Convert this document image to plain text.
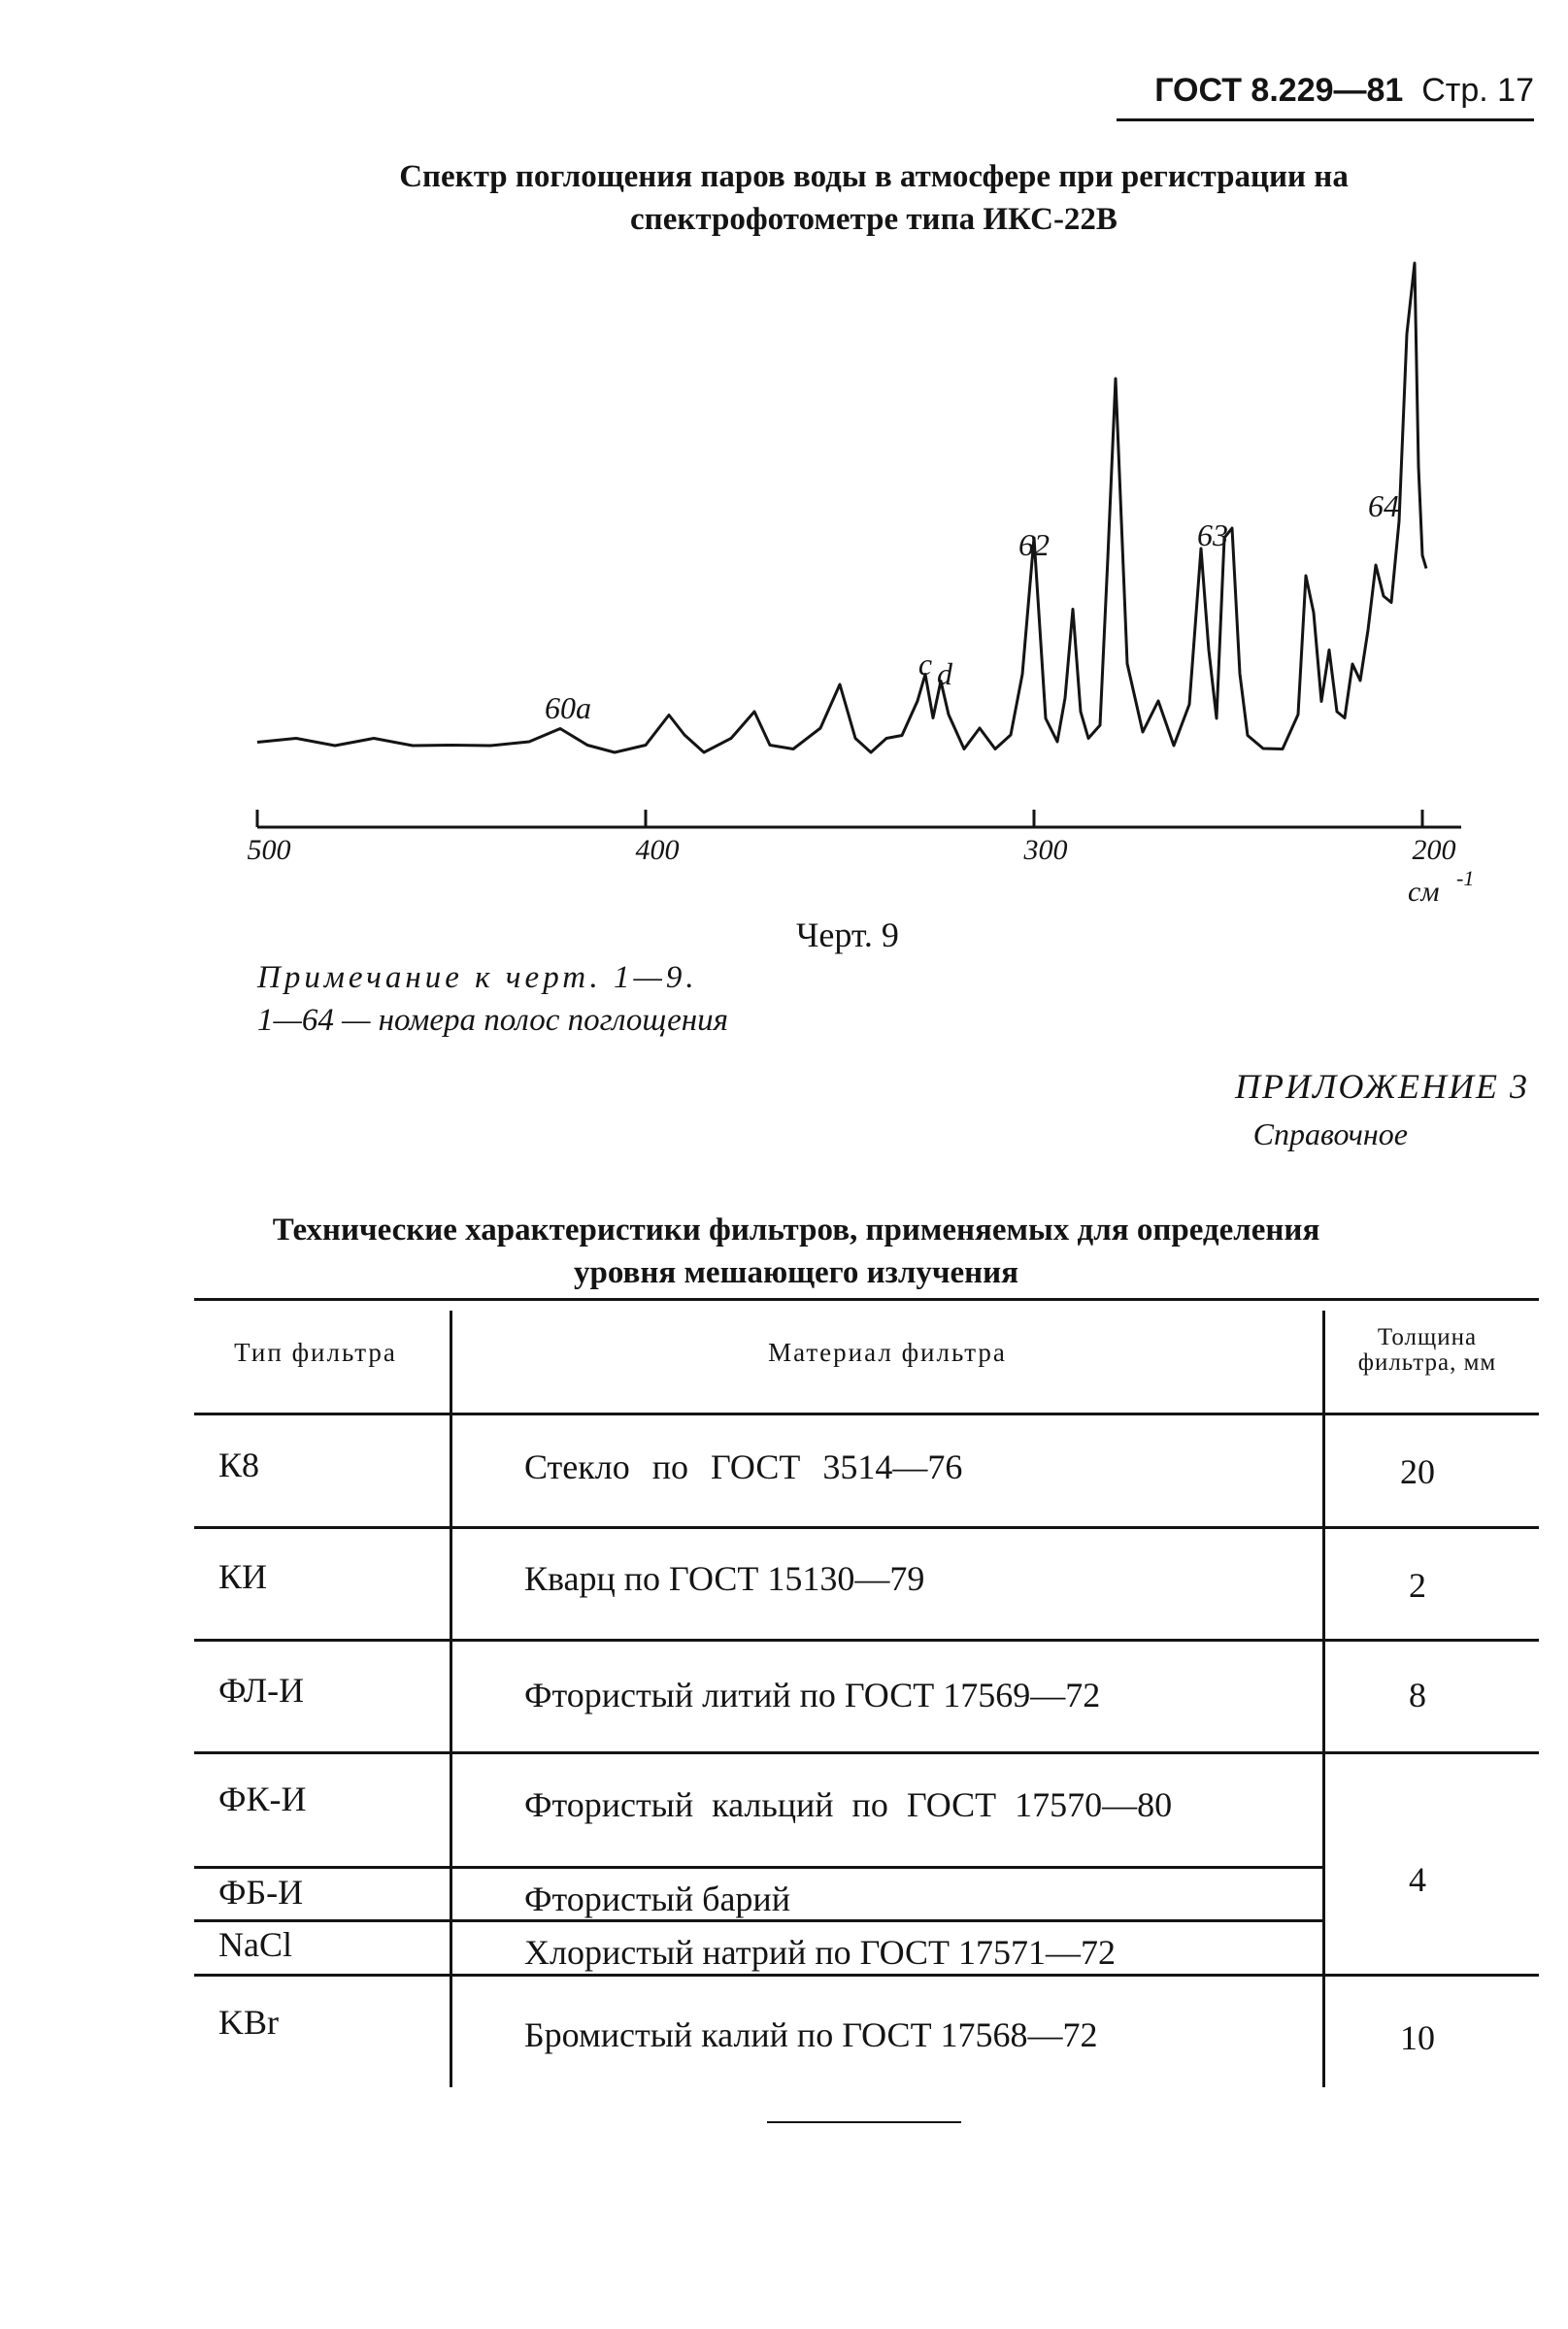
ГОСТ 8.229—81 Стр. 17
Спектр поглощения паров воды в атмосфере при регистрации на спектрофотометре типа ИКС-22В
500	400	300	200
см -1
60a
c d
62	63
64
Черт. 9
Примечание к черт. 1—9.
1—64 — номера полос поглощения
ПРИЛОЖЕНИЕ 3
Справочное
Технические характеристики фильтров, применяемых для определения
уровня мешающего излучения
Тип фильтра	Материал фильтра
Толщина фильтра, мм
К8	Стекло по ГОСТ 3514—76	20
КИ	Кварц по ГОСТ 15130—79	2
ФЛ-И	Фтористый литий по ГОСТ 17569—72	8
ФК-И	Фтористый кальций по ГОСТ 17570—80
ФБ-И	Фтористый барий
NaCl	Хлористый натрий по ГОСТ 17571—72
4
KBr	Бромистый калий по ГОСТ 17568—72	10
